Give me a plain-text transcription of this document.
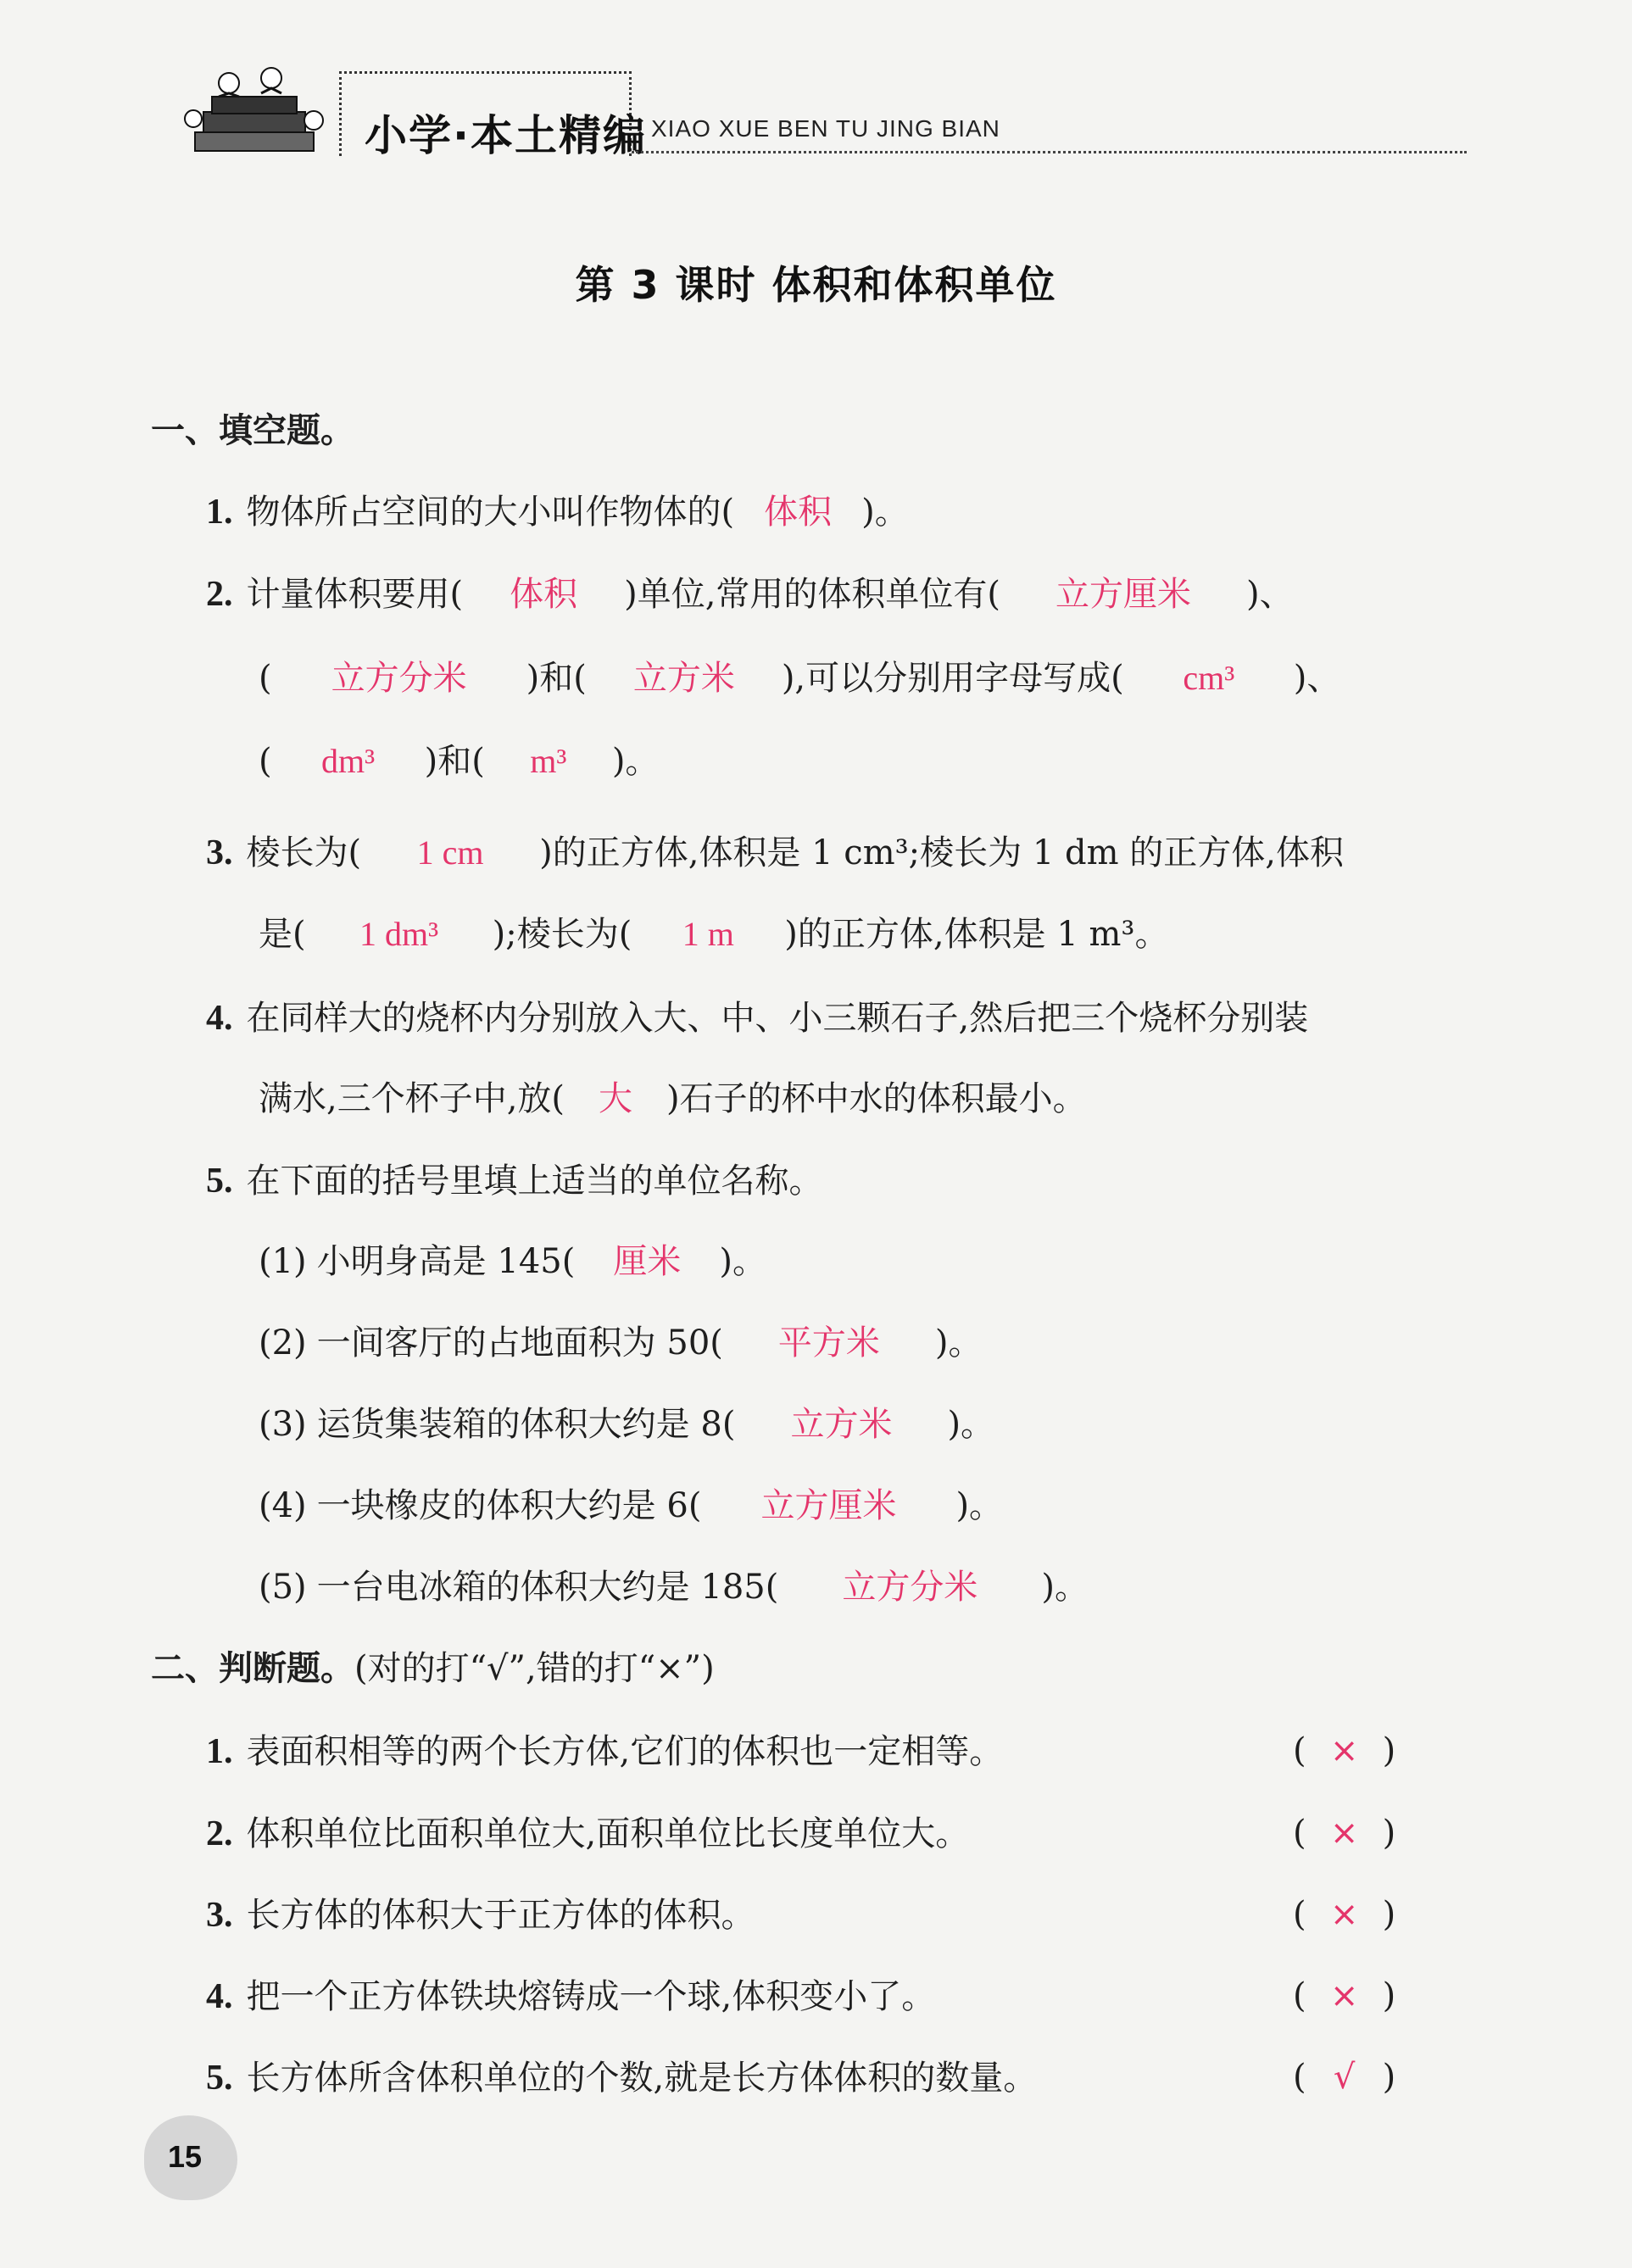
小学·本土精编 XIAO XUE BEN TU JING BIAN
第 3 课时 体积和体积单位
一、填空题。
1. 物体所占空间的大小叫作物体的( 体积 )。
2. 计量体积要用( 体积 )单位,常用的体积单位有( 立方厘米 )、
( 立方分米 )和( 立方米 ),可以分别用字母写成( cm³ )、
( dm³ )和( m³ )。
3. 棱长为( 1 cm )的正方体,体积是 1 cm³;棱长为 1 dm 的正方体,体积
是( 1 dm³ );棱长为( 1 m )的正方体,体积是 1 m³。
4. 在同样大的烧杯内分别放入大、中、小三颗石子,然后把三个烧杯分别装
满水,三个杯子中,放( 大 )石子的杯中水的体积最小。
5. 在下面的括号里填上适当的单位名称。
(1) 小明身高是 145( 厘米 )。
(2) 一间客厅的占地面积为 50( 平方米 )。
(3) 运货集装箱的体积大约是 8( 立方米 )。
(4) 一块橡皮的体积大约是 6( 立方厘米 )。
(5) 一台电冰箱的体积大约是 185( 立方分米 )。
二、判断题。(对的打“√”,错的打“×”)
1. 表面积相等的两个长方体,它们的体积也一定相等。	( × )
2. 体积单位比面积单位大,面积单位比长度单位大。	( × )
3. 长方体的体积大于正方体的体积。	( × )
4. 把一个正方体铁块熔铸成一个球,体积变小了。	( × )
5. 长方体所含体积单位的个数,就是长方体体积的数量。	( √ )
15
